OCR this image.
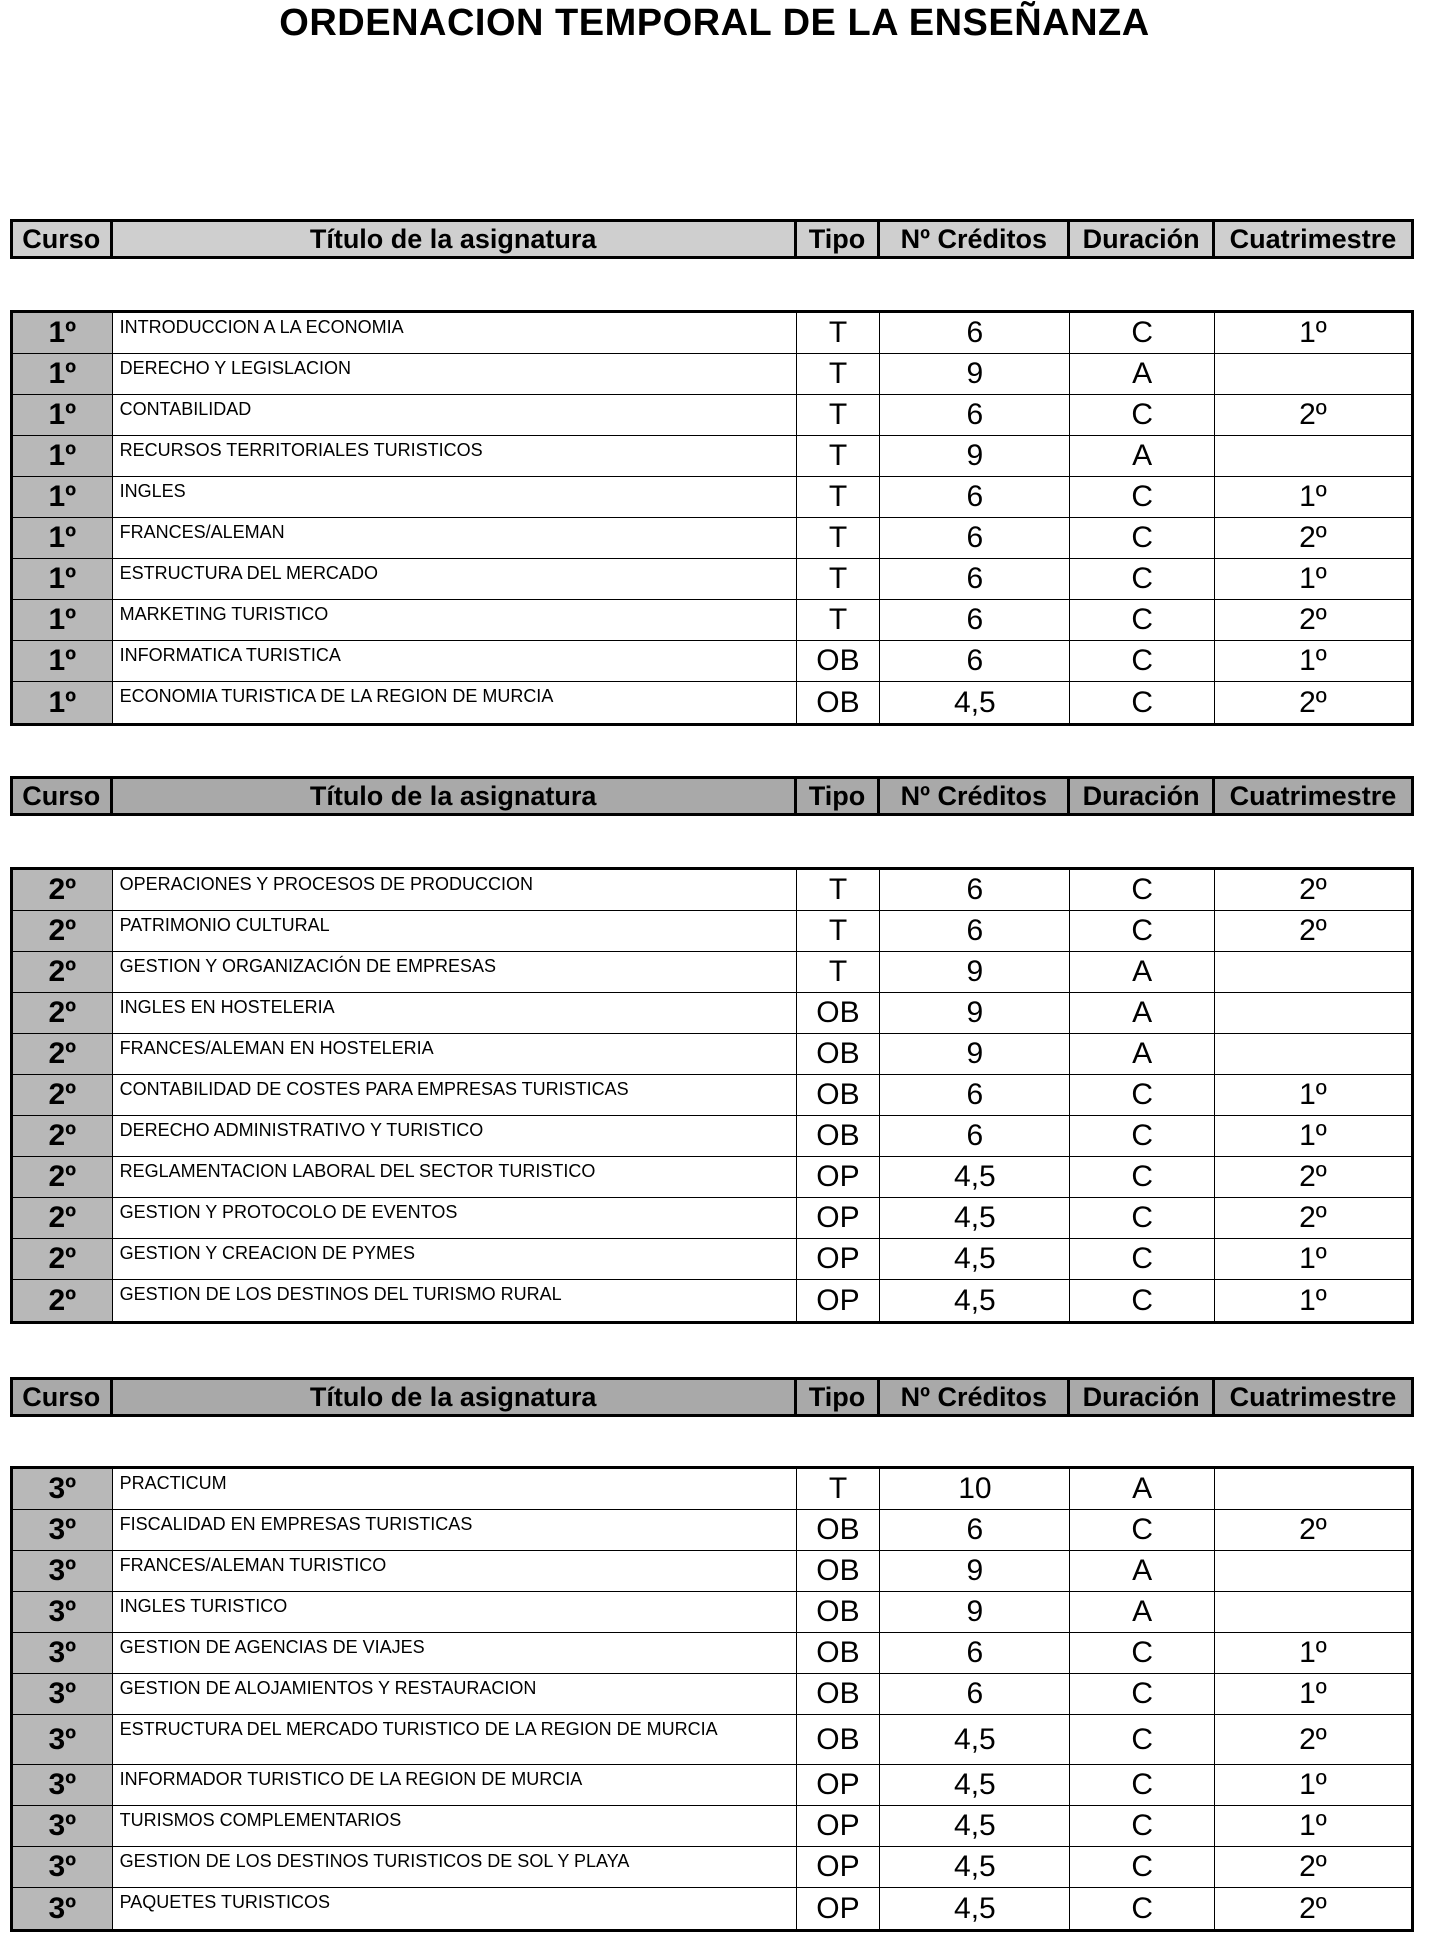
ORDENACION TEMPORAL DE LA ENSEÑANZA
Curso	Título de la asignatura	Tipo	Nº Créditos	Duración	Cuatrimestre
1º	INTRODUCCION A LA ECONOMIA	T	6	C	1º
1º	DERECHO Y LEGISLACION	T	9	A
1º	CONTABILIDAD	T	6	C	2º
1º	RECURSOS TERRITORIALES TURISTICOS	T	9	A
1º	INGLES	T	6	C	1º
1º	FRANCES/ALEMAN	T	6	C	2º
1º	ESTRUCTURA DEL MERCADO	T	6	C	1º
1º	MARKETING TURISTICO	T	6	C	2º
1º	INFORMATICA TURISTICA	OB	6	C	1º
1º	ECONOMIA TURISTICA DE LA REGION DE MURCIA	OB	4,5	C	2º
Curso	Título de la asignatura	Tipo	Nº Créditos	Duración	Cuatrimestre
2º	OPERACIONES Y PROCESOS DE PRODUCCION	T	6	C	2º
2º	PATRIMONIO CULTURAL	T	6	C	2º
2º	GESTION Y ORGANIZACIÓN DE EMPRESAS	T	9	A
2º	INGLES EN HOSTELERIA	OB	9	A
2º	FRANCES/ALEMAN EN HOSTELERIA	OB	9	A
2º	CONTABILIDAD DE COSTES PARA EMPRESAS TURISTICAS	OB	6	C	1º
2º	DERECHO ADMINISTRATIVO Y TURISTICO	OB	6	C	1º
2º	REGLAMENTACION LABORAL DEL SECTOR TURISTICO	OP	4,5	C	2º
2º	GESTION Y PROTOCOLO DE EVENTOS	OP	4,5	C	2º
2º	GESTION Y CREACION DE PYMES	OP	4,5	C	1º
2º	GESTION DE LOS DESTINOS DEL TURISMO RURAL	OP	4,5	C	1º
Curso	Título de la asignatura	Tipo	Nº Créditos	Duración	Cuatrimestre
3º	PRACTICUM	T	10	A
3º	FISCALIDAD EN EMPRESAS TURISTICAS	OB	6	C	2º
3º	FRANCES/ALEMAN TURISTICO	OB	9	A
3º	INGLES TURISTICO	OB	9	A
3º	GESTION DE AGENCIAS DE VIAJES	OB	6	C	1º
3º	GESTION DE ALOJAMIENTOS Y RESTAURACION	OB	6	C	1º
3º	ESTRUCTURA DEL MERCADO TURISTICO DE LA REGION DE MURCIA	OB	4,5	C	2º
3º	INFORMADOR TURISTICO DE LA REGION DE MURCIA	OP	4,5	C	1º
3º	TURISMOS COMPLEMENTARIOS	OP	4,5	C	1º
3º	GESTION DE LOS DESTINOS TURISTICOS DE SOL Y PLAYA	OP	4,5	C	2º
3º	PAQUETES TURISTICOS	OP	4,5	C	2º
